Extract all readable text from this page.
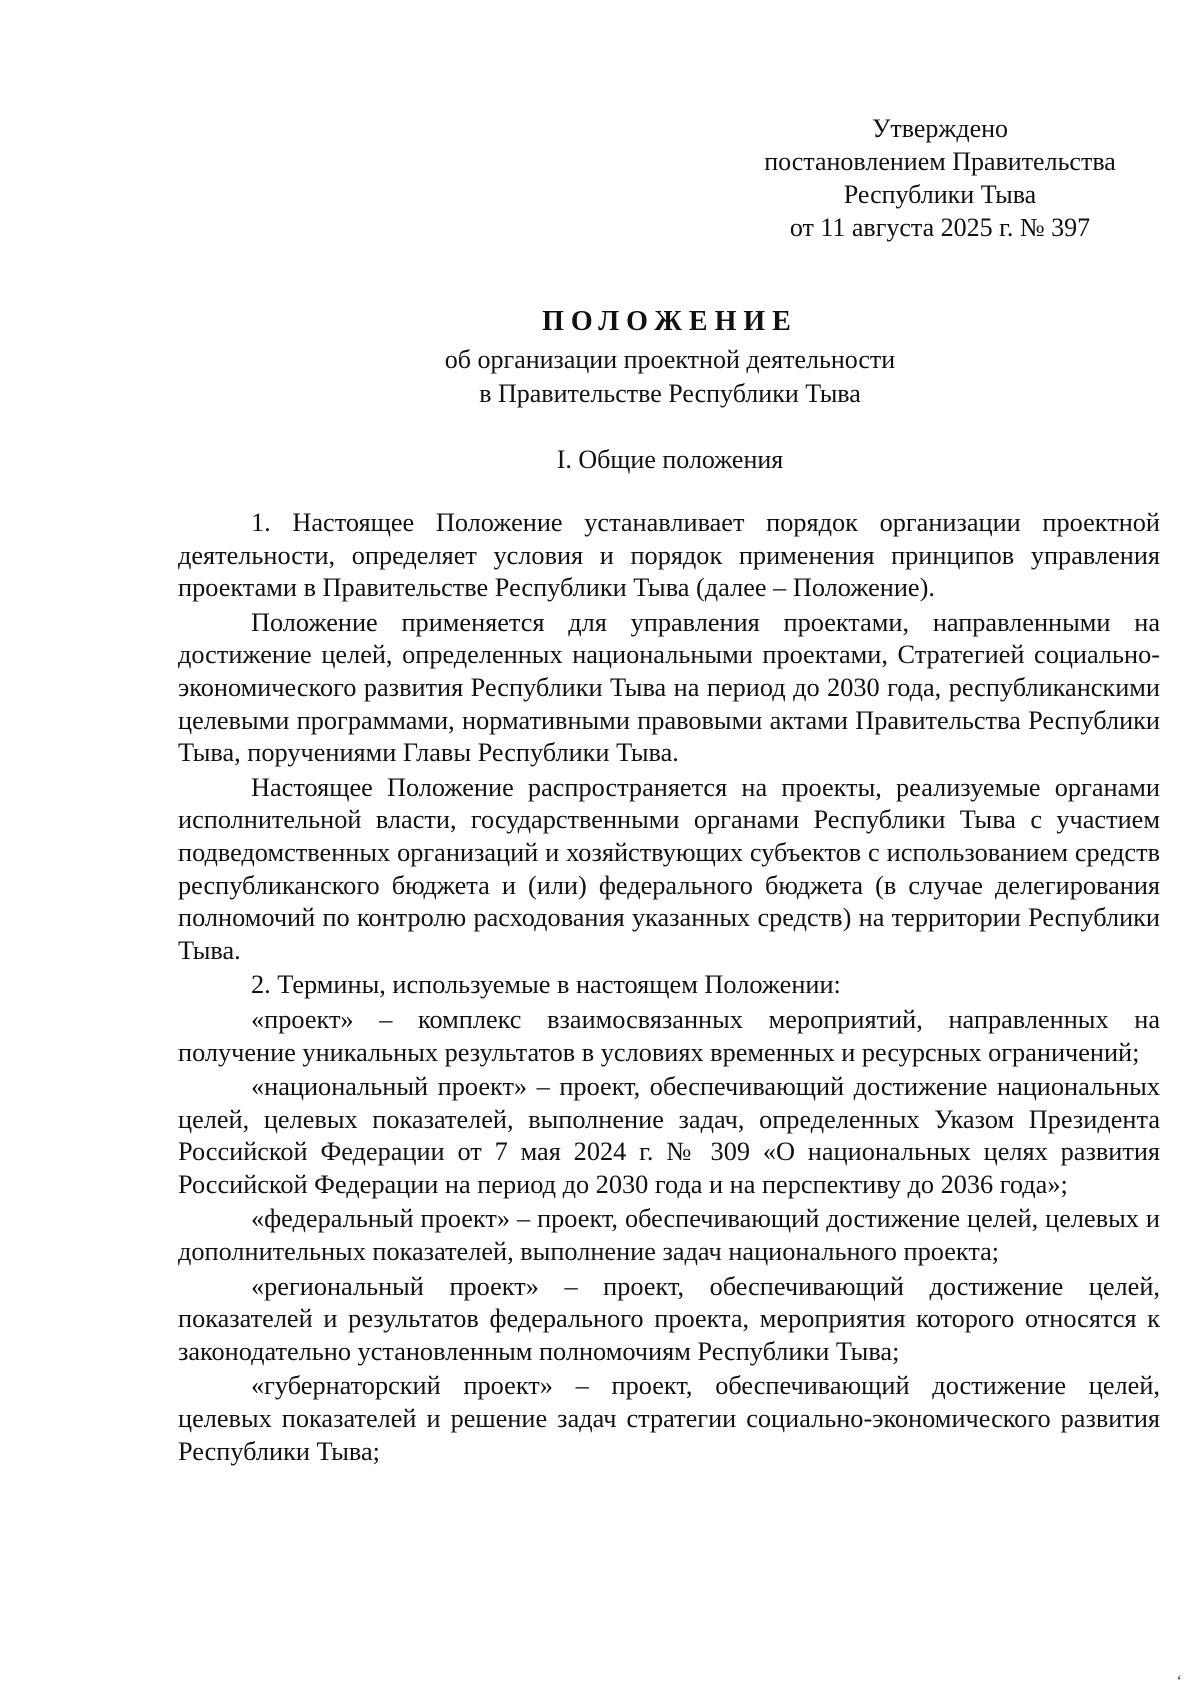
Утверждено
постановлением Правительства
Республики Тыва
от 11 августа 2025 г. № 397
ПОЛОЖЕНИЕ
об организации проектной деятельности
в Правительстве Республики Тыва
I. Общие положения

1. Настоящее Положение устанавливает порядок организации проектной деятельности, определяет условия и порядок применения принципов управления проектами в Правительстве Республики Тыва (далее – Положение).

Положение применяется для управления проектами, направленными на достижение целей, определенных национальными проектами, Стратегией социально-экономического развития Республики Тыва на период до 2030 года, республиканскими целевыми программами, нормативными правовыми актами Правительства Республики Тыва, поручениями Главы Республики Тыва.

Настоящее Положение распространяется на проекты, реализуемые органами исполнительной власти, государственными органами Республики Тыва с участием подведомственных организаций и хозяйствующих субъектов с использованием средств республиканского бюджета и (или) федерального бюджета (в случае делегирования полномочий по контролю расходования указанных средств) на территории Республики Тыва.

2. Термины, используемые в настоящем Положении:

«проект» – комплекс взаимосвязанных мероприятий, направленных на получение уникальных результатов в условиях временных и ресурсных ограничений;

«национальный проект» – проект, обеспечивающий достижение национальных целей, целевых показателей, выполнение задач, определенных Указом Президента Российской Федерации от 7 мая 2024 г. № 309 «О национальных целях развития Российской Федерации на период до 2030 года и на перспективу до 2036 года»;

«федеральный проект» – проект, обеспечивающий достижение целей, целевых и дополнительных показателей, выполнение задач национального проекта;

«региональный проект» – проект, обеспечивающий достижение целей, показателей и результатов федерального проекта, мероприятия которого относятся к законодательно установленным полномочиям Республики Тыва;

«губернаторский проект» – проект, обеспечивающий достижение целей, целевых показателей и решение задач стратегии социально-экономического развития Республики Тыва;

ʻ
